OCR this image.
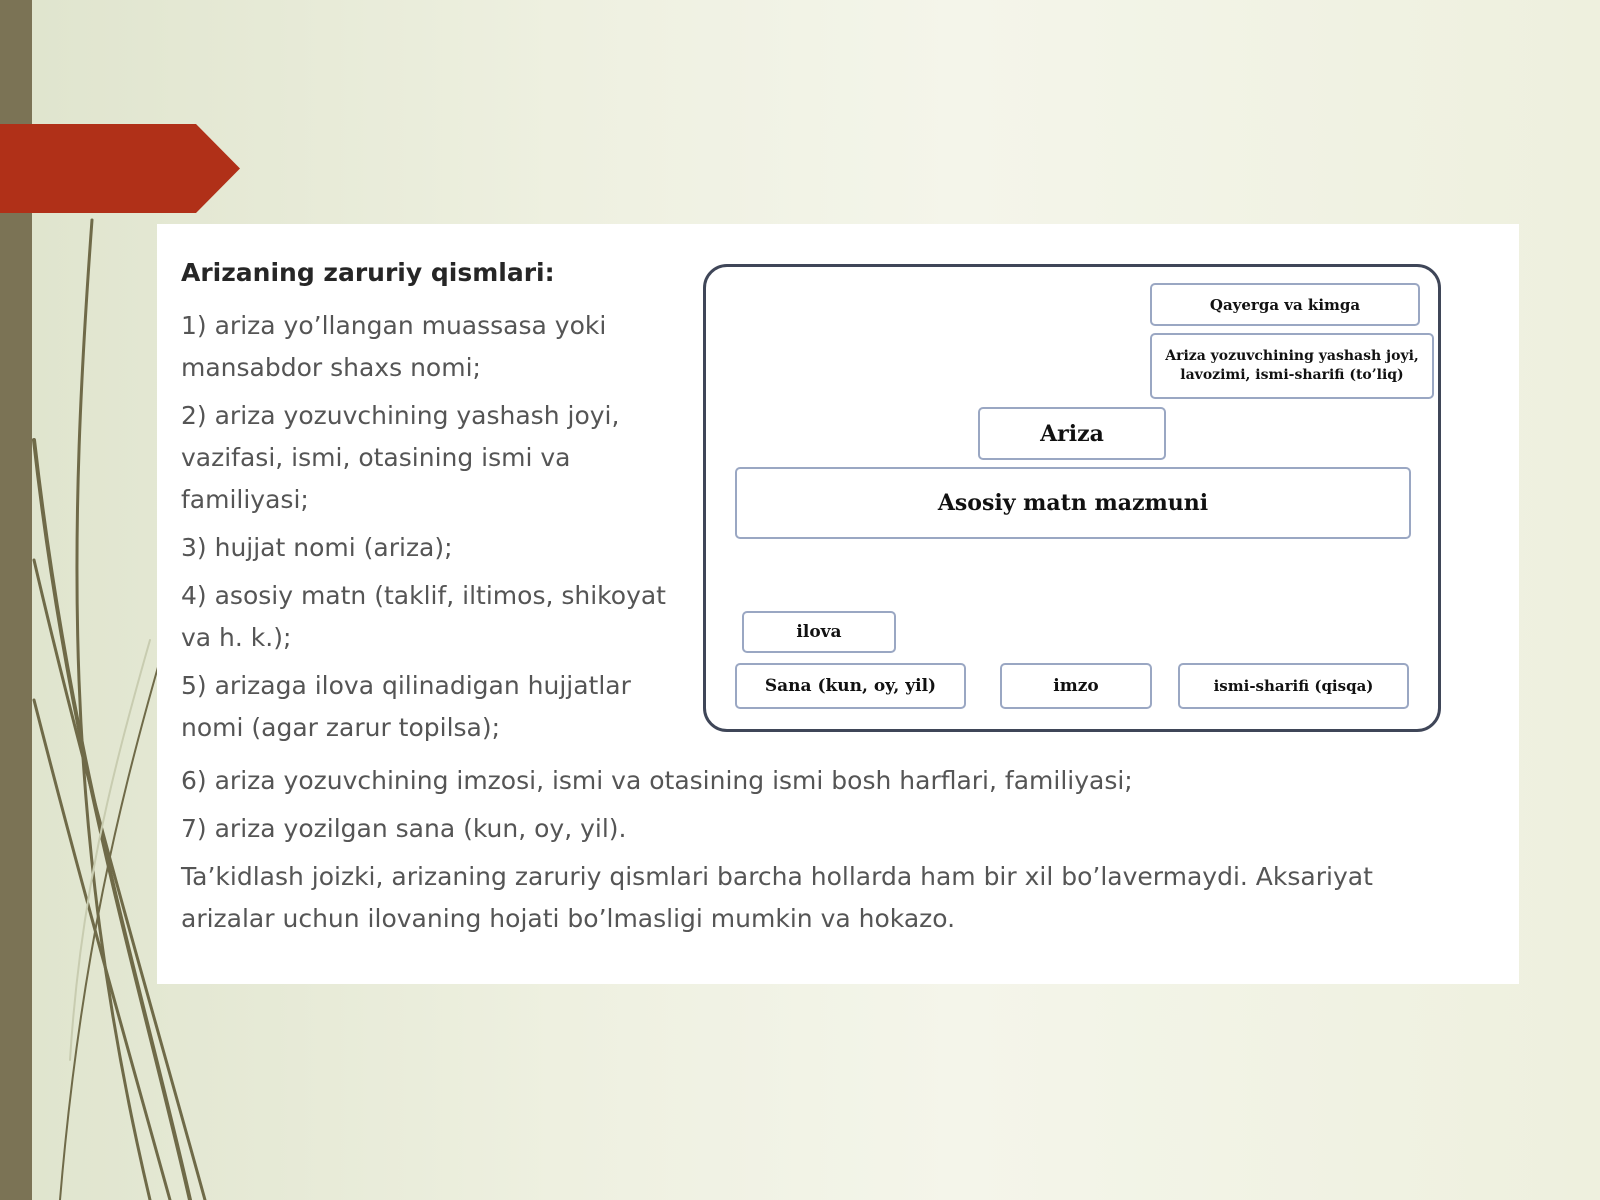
Arizaning zaruriy qismlari:
1) ariza yo’llangan muassasa yoki mansabdor shaxs nomi;
2) ariza yozuvchining yashash joyi, vazifasi, ismi, otasining ismi va familiyasi;
3) hujjat nomi (ariza);
4) asosiy matn (taklif, iltimos, shikoyat va h. k.);
5) arizaga ilova qilinadigan hujjatlar nomi (agar zarur topilsa);
6) ariza yozuvchining imzosi, ismi va otasining ismi bosh harflari, familiyasi;
7) ariza yozilgan sana (kun, oy, yil).

Ta’kidlash joizki, arizaning zaruriy qismlari barcha hollarda ham bir xil bo’lavermaydi. Aksariyat arizalar uchun ilovaning hojati bo’lmasligi mumkin va hokazo.

Qayerga va kimga
Ariza yozuvchining yashash joyi, lavozimi, ismi-sharifi (to’liq)
Ariza
Asosiy matn mazmuni
ilova
Sana (kun, oy, yil)	imzo	ismi-sharifi (qisqa)
